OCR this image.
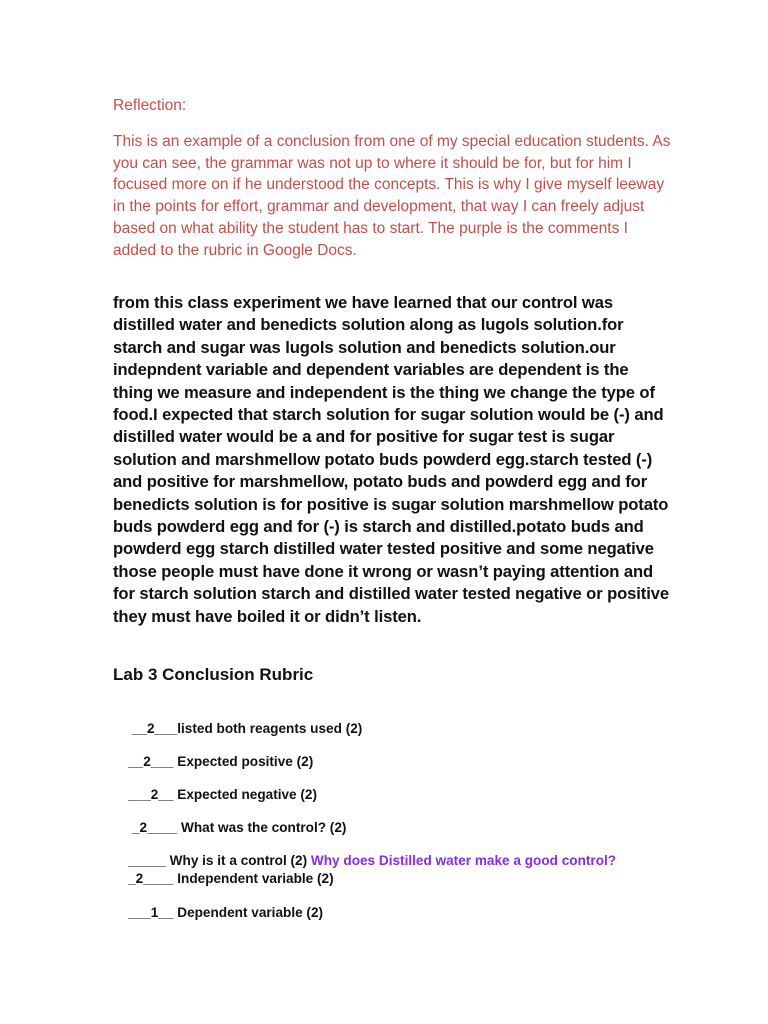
Reflection:

This is an example of a conclusion from one of my special education students. As you can see, the grammar was not up to where it should be for, but for him I focused more on if he understood the concepts. This is why I give myself leeway in the points for effort, grammar and development, that way I can freely adjust based on what ability the student has to start. The purple is the comments I added to the rubric in Google Docs.

from this class experiment we have learned that our control was distilled water and benedicts solution along as lugols solution.for starch and sugar was lugols solution and benedicts solution.our indepndent variable and dependent variables are dependent is the thing we measure and independent is the thing we change the type of food.I expected that starch solution for sugar solution would be (-) and distilled water would be a and for positive for sugar test is sugar solution and marshmellow potato buds powderd egg.starch tested (-) and positive for marshmellow, potato buds and powderd egg and for benedicts solution is for positive is sugar solution marshmellow potato buds powderd egg and for (-) is starch and distilled.potato buds and powderd egg starch distilled water tested positive and some negative those people must have done it wrong or wasn’t paying attention and for starch solution starch and distilled water tested negative or positive they must have boiled it or didn’t listen.

Lab 3 Conclusion Rubric

__2___listed both reagents used (2)

__2___ Expected positive (2)

___2__ Expected negative (2)

_2____ What was the control? (2)

_____ Why is it a control (2) Why does Distilled water make a good control?

_2____ Independent variable (2)

___1__ Dependent variable (2)
